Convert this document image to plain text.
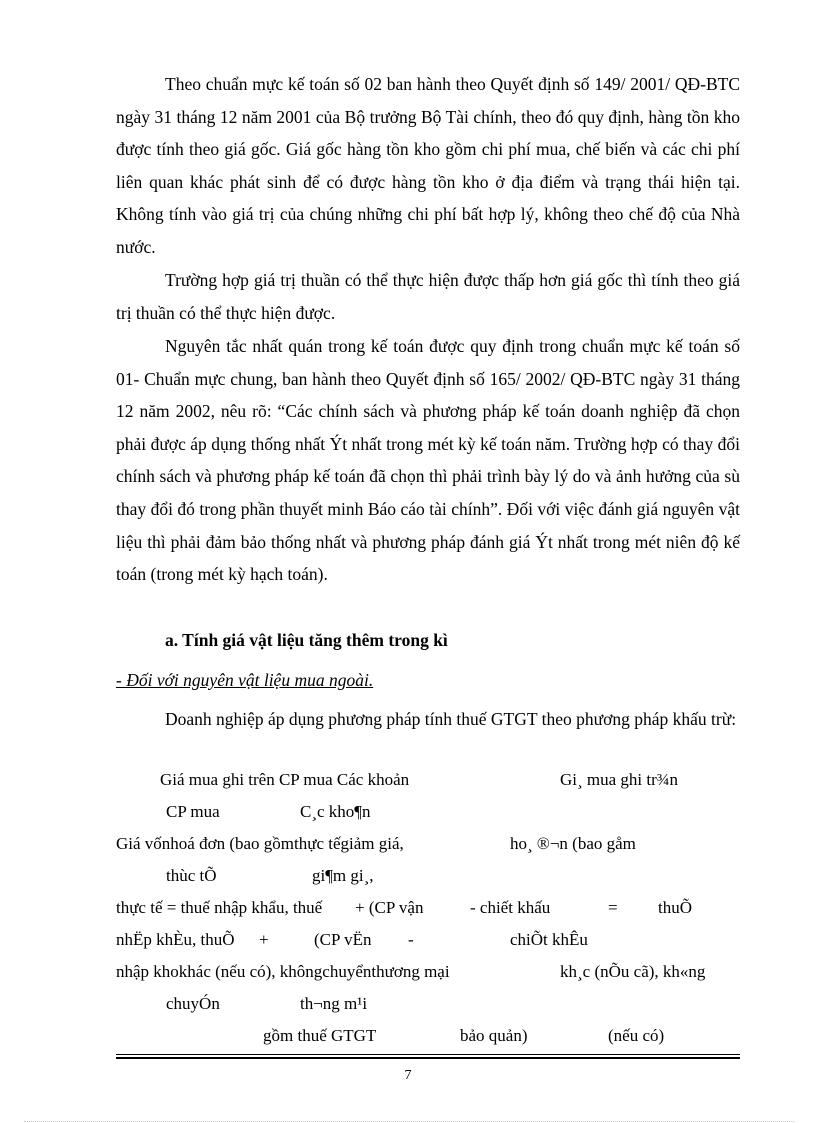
Theo chuẩn mực kế toán số 02 ban hành theo Quyết định số 149/ 2001/ QĐ-BTC ngày 31 tháng 12 năm 2001 của Bộ trưởng Bộ Tài chính, theo đó quy định, hàng tồn kho được tính theo giá gốc. Giá gốc hàng tồn kho gồm chi phí mua, chế biến và các chi phí liên quan khác phát sinh để có được hàng tồn kho ở địa điểm và trạng thái hiện tại. Không tính vào giá trị của chúng những chi phí bất hợp lý, không theo chế độ của Nhà nước.

Trường hợp giá trị thuần có thể thực hiện được thấp hơn giá gốc thì tính theo giá trị thuần có thể thực hiện được.

Nguyên tắc nhất quán trong kế toán được quy định trong chuẩn mực kế toán số 01- Chuẩn mực chung, ban hành theo Quyết định số 165/ 2002/ QĐ-BTC ngày 31 tháng 12 năm 2002, nêu rõ: “Các chính sách và phương pháp kế toán doanh nghiệp đã chọn phải được áp dụng thống nhất Ýt nhất trong mét kỳ kế toán năm. Trường hợp có thay đổi chính sách và phương pháp kế toán đã chọn thì phải trình bày lý do và ảnh hưởng của sù thay đổi đó trong phần thuyết minh Báo cáo tài chính”. Đối với việc đánh giá nguyên vật liệu thì phải đảm bảo thống nhất và phương pháp đánh giá Ýt nhất trong mét niên độ kế toán (trong mét kỳ hạch toán).

a. Tính giá vật liệu tăng thêm trong kì

- Đối với nguyên vật liệu mua ngoài.

Doanh nghiệp áp dụng phương pháp tính thuế GTGT theo phương pháp khấu trừ:

Giá mua ghi trên CP mua Các khoản	Gi¸ mua ghi tr¾n

CP mua	C¸c kho¶n

Giá vốnhoá đơn (bao gồmthực tếgiảm giá,	ho¸ ®¬n (bao gåm

thùc tÕ	gi¶m gi¸,

thực tế = thuế nhập khẩu, thuế + (CP vận	- chiết khấu	= thuÕ

nhËp khÈu, thuÕ +	(CP vËn -	chiÕt khÊu

nhập khokhác (nếu có), khôngchuyểnthương mại	kh¸c (nÕu cã), kh«ng

chuyÓn	th¬ng m¹i

gồm thuế GTGT	bảo quản)	(nếu có)

7
